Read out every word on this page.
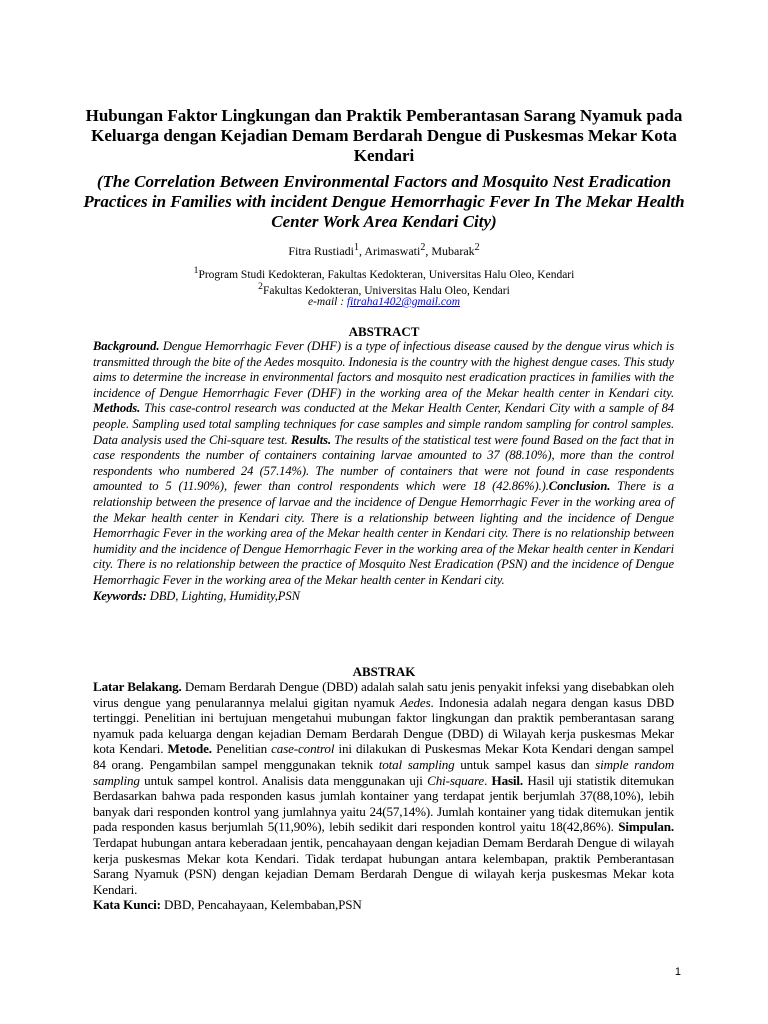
Hubungan Faktor Lingkungan dan Praktik Pemberantasan Sarang Nyamuk pada Keluarga dengan Kejadian Demam Berdarah Dengue di Puskesmas Mekar Kota Kendari
(The Correlation Between Environmental Factors and Mosquito Nest Eradication Practices in Families with incident Dengue Hemorrhagic Fever In The Mekar Health Center Work Area Kendari City)
Fitra Rustiadi$^1$, Arimaswati$^2$, Mubarak$^2$
$^1$Program Studi Kedokteran, Fakultas Kedokteran, Universitas Halu Oleo, Kendari
$^2$Fakultas Kedokteran, Universitas Halu Oleo, Kendari
e-mail : fitraha1402@gmail.com
ABSTRACT
Background. Dengue Hemorrhagic Fever (DHF) is a type of infectious disease caused by the dengue virus which is transmitted through the bite of the Aedes mosquito. Indonesia is the country with the highest dengue cases. This study aims to determine the increase in environmental factors and mosquito nest eradication practices in families with the incidence of Dengue Hemorrhagic Fever (DHF) in the working area of the Mekar health center in Kendari city. Methods. This case-control research was conducted at the Mekar Health Center, Kendari City with a sample of 84 people. Sampling used total sampling techniques for case samples and simple random sampling for control samples. Data analysis used the Chi-square test. Results. The results of the statistical test were found Based on the fact that in case respondents the number of containers containing larvae amounted to 37 (88.10%), more than the control respondents who numbered 24 (57.14%). The number of containers that were not found in case respondents amounted to 5 (11.90%), fewer than control respondents which were 18 (42.86%).).Conclusion. There is a relationship between the presence of larvae and the incidence of Dengue Hemorrhagic Fever in the working area of the Mekar health center in Kendari city. There is a relationship between lighting and the incidence of Dengue Hemorrhagic Fever in the working area of the Mekar health center in Kendari city. There is no relationship between humidity and the incidence of Dengue Hemorrhagic Fever in the working area of the Mekar health center in Kendari city. There is no relationship between the practice of Mosquito Nest Eradication (PSN) and the incidence of Dengue Hemorrhagic Fever in the working area of the Mekar health center in Kendari city.
Keywords: DBD, Lighting, Humidity,PSN
ABSTRAK
Latar Belakang. Demam Berdarah Dengue (DBD) adalah salah satu jenis penyakit infeksi yang disebabkan oleh virus dengue yang penularannya melalui gigitan nyamuk Aedes. Indonesia adalah negara dengan kasus DBD tertinggi. Penelitian ini bertujuan mengetahui mubungan faktor lingkungan dan praktik pemberantasan sarang nyamuk pada keluarga dengan kejadian Demam Berdarah Dengue (DBD) di Wilayah kerja puskesmas Mekar kota Kendari. Metode. Penelitian case-control ini dilakukan di Puskesmas Mekar Kota Kendari dengan sampel 84 orang. Pengambilan sampel menggunakan teknik total sampling untuk sampel kasus dan simple random sampling untuk sampel kontrol. Analisis data menggunakan uji Chi-square. Hasil. Hasil uji statistik ditemukan Berdasarkan bahwa pada responden kasus jumlah kontainer yang terdapat jentik berjumlah 37(88,10%), lebih banyak dari responden kontrol yang jumlahnya yaitu 24(57,14%). Jumlah kontainer yang tidak ditemukan jentik pada responden kasus berjumlah 5(11,90%), lebih sedikit dari responden kontrol yaitu 18(42,86%). Simpulan. Terdapat hubungan antara keberadaan jentik, pencahayaan dengan kejadian Demam Berdarah Dengue di wilayah kerja puskesmas Mekar kota Kendari. Tidak terdapat hubungan antara kelembapan, praktik Pemberantasan Sarang Nyamuk (PSN) dengan kejadian Demam Berdarah Dengue di wilayah kerja puskesmas Mekar kota Kendari.
Kata Kunci: DBD, Pencahayaan, Kelembaban,PSN
1
